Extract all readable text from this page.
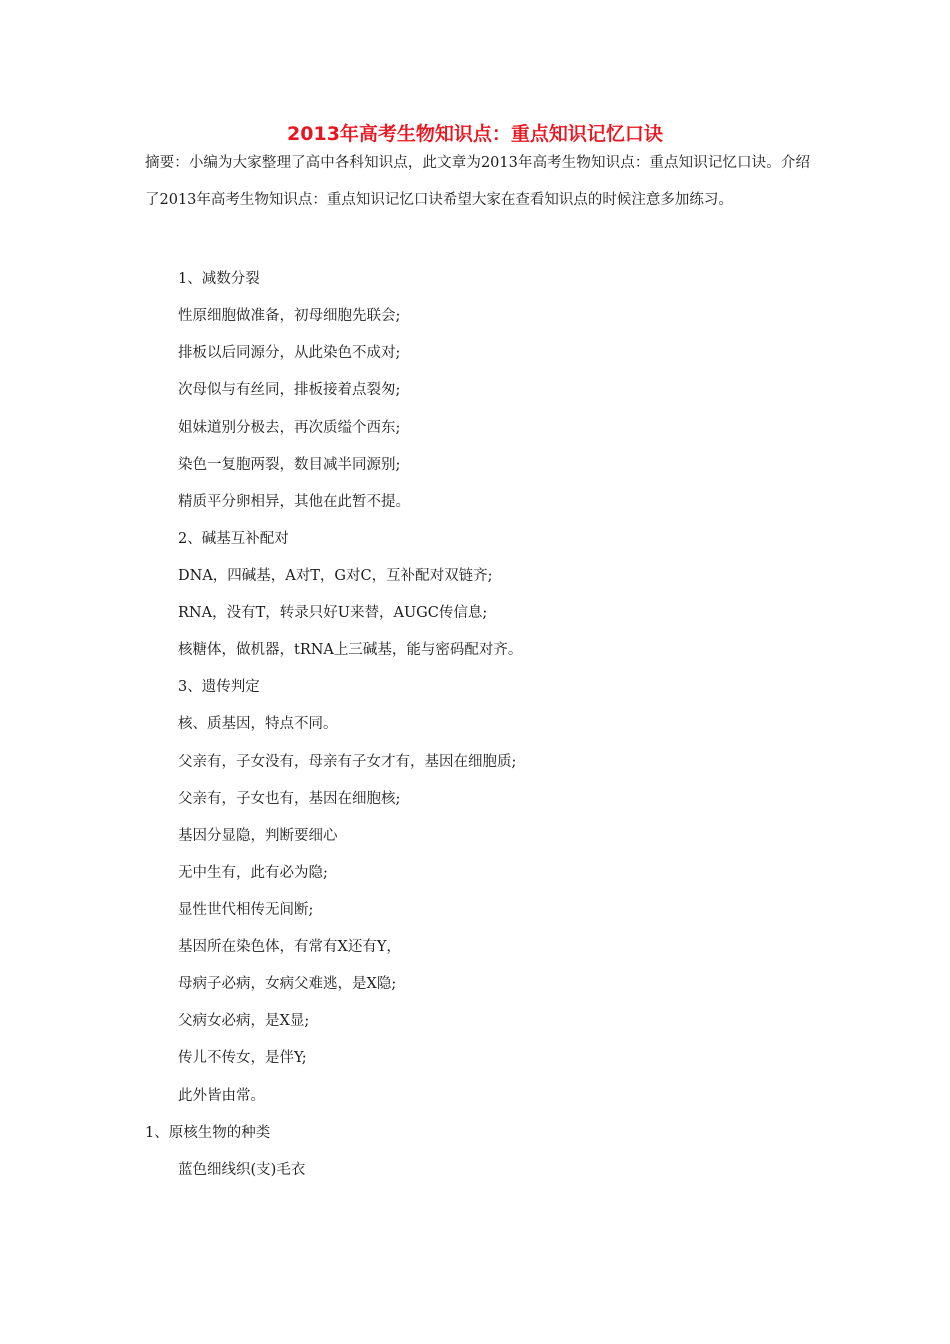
2013年高考生物知识点：重点知识记忆口诀
摘要：小编为大家整理了高中各科知识点，此文章为2013年高考生物知识点：重点知识记忆口诀。介绍了2013年高考生物知识点：重点知识记忆口诀希望大家在查看知识点的时候注意多加练习。
1、减数分裂
性原细胞做准备，初母细胞先联会;
排板以后同源分，从此染色不成对;
次母似与有丝同，排板接着点裂匆;
姐妹道别分极去，再次质缢个西东;
染色一复胞两裂，数目减半同源别;
精质平分卵相异，其他在此暂不提。
2、碱基互补配对
DNA，四碱基，A对T，G对C，互补配对双链齐;
RNA，没有T，转录只好U来替，AUGC传信息;
核糖体，做机器，tRNA上三碱基，能与密码配对齐。
3、遗传判定
核、质基因，特点不同。
父亲有，子女没有，母亲有子女才有，基因在细胞质;
父亲有，子女也有，基因在细胞核;
基因分显隐，判断要细心
无中生有，此有必为隐;
显性世代相传无间断;
基因所在染色体，有常有X还有Y，
母病子必病，女病父难逃，是X隐;
父病女必病，是X显;
传儿不传女，是伴Y;
此外皆由常。
1、原核生物的种类
蓝色细线织(支)毛衣
